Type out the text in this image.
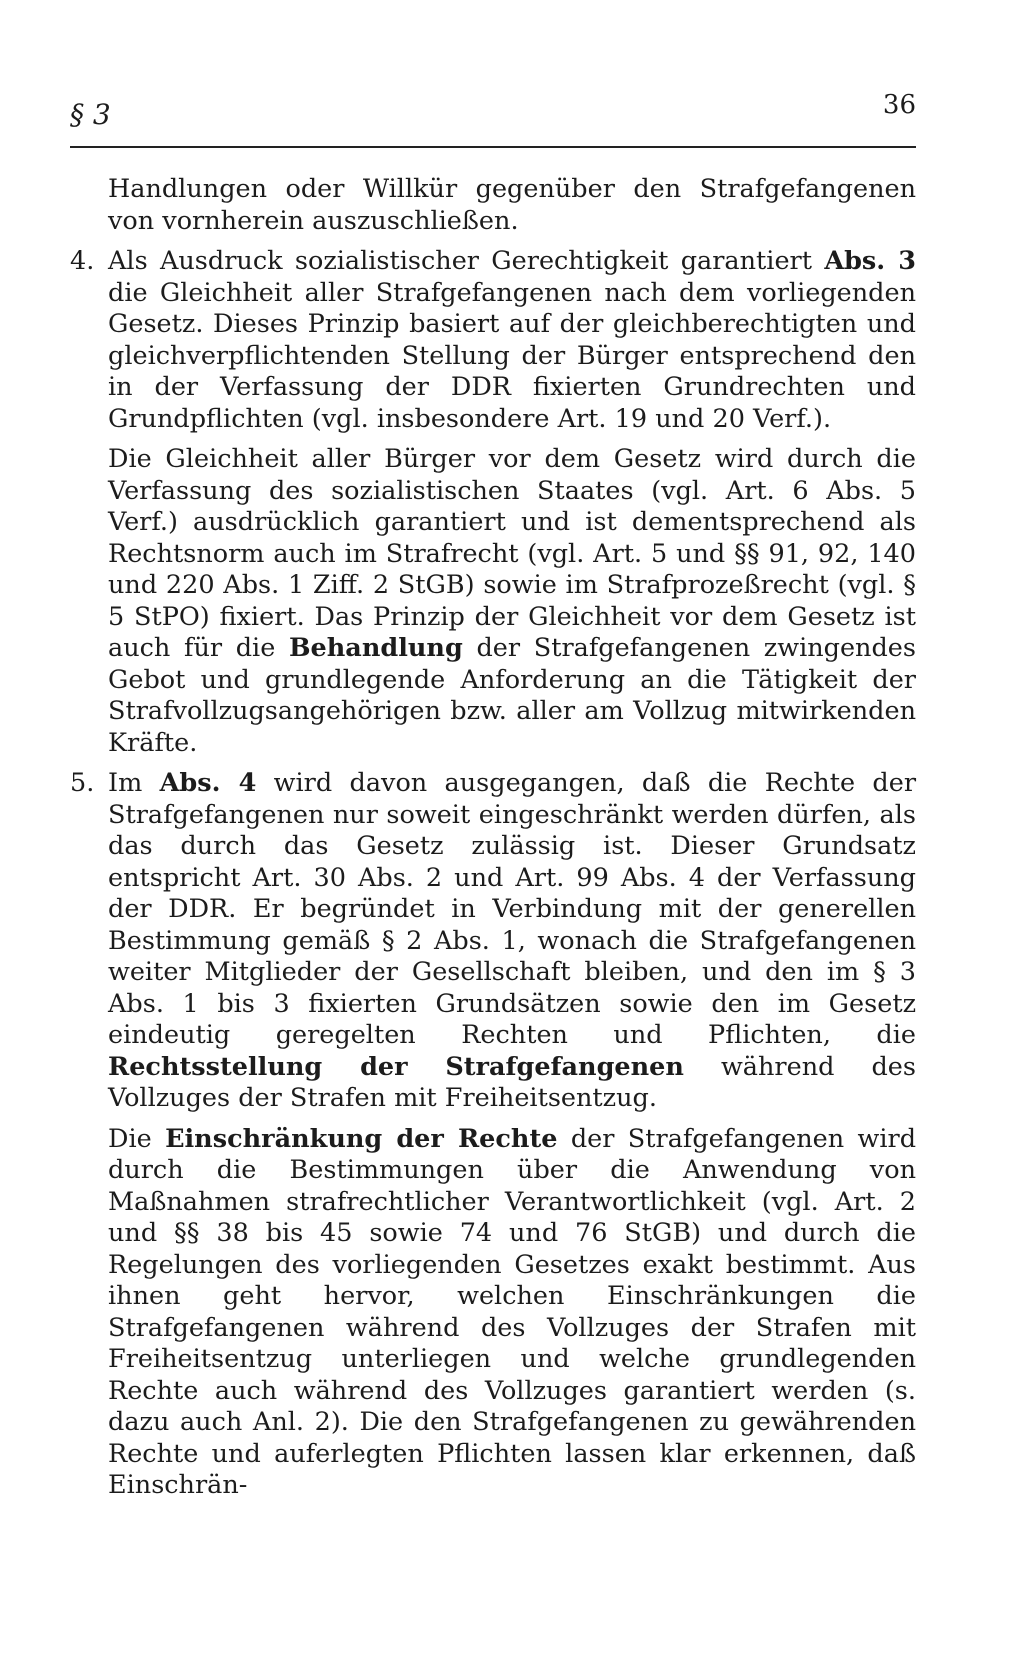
§ 3	36

Handlungen oder Willkür gegenüber den Strafgefangenen von vornherein auszuschließen.

4. Als Ausdruck sozialistischer Gerechtigkeit garantiert Abs. 3 die Gleichheit aller Strafgefangenen nach dem vorliegenden Gesetz. Dieses Prinzip basiert auf der gleichberechtigten und gleichverpflichtenden Stellung der Bürger entsprechend den in der Verfassung der DDR fixierten Grundrechten und Grundpflichten (vgl. insbesondere Art. 19 und 20 Verf.).

Die Gleichheit aller Bürger vor dem Gesetz wird durch die Verfassung des sozialistischen Staates (vgl. Art. 6 Abs. 5 Verf.) ausdrücklich garantiert und ist dementsprechend als Rechtsnorm auch im Strafrecht (vgl. Art. 5 und §§ 91, 92, 140 und 220 Abs. 1 Ziff. 2 StGB) sowie im Strafprozeßrecht (vgl. § 5 StPO) fixiert. Das Prinzip der Gleichheit vor dem Gesetz ist auch für die Behandlung der Strafgefangenen zwingendes Gebot und grundlegende Anforderung an die Tätigkeit der Strafvollzugsangehörigen bzw. aller am Vollzug mitwirkenden Kräfte.

5. Im Abs. 4 wird davon ausgegangen, daß die Rechte der Strafgefangenen nur soweit eingeschränkt werden dürfen, als das durch das Gesetz zulässig ist. Dieser Grundsatz entspricht Art. 30 Abs. 2 und Art. 99 Abs. 4 der Verfassung der DDR. Er begründet in Verbindung mit der generellen Bestimmung gemäß § 2 Abs. 1, wonach die Strafgefangenen weiter Mitglieder der Gesellschaft bleiben, und den im § 3 Abs. 1 bis 3 fixierten Grundsätzen sowie den im Gesetz eindeutig geregelten Rechten und Pflichten, die Rechtsstellung der Strafgefangenen während des Vollzuges der Strafen mit Freiheitsentzug.

Die Einschränkung der Rechte der Strafgefangenen wird durch die Bestimmungen über die Anwendung von Maßnahmen strafrechtlicher Verantwortlichkeit (vgl. Art. 2 und §§ 38 bis 45 sowie 74 und 76 StGB) und durch die Regelungen des vorliegenden Gesetzes exakt bestimmt. Aus ihnen geht hervor, welchen Einschränkungen die Strafgefangenen während des Vollzuges der Strafen mit Freiheitsentzug unterliegen und welche grundlegenden Rechte auch während des Vollzuges garantiert werden (s. dazu auch Anl. 2). Die den Strafgefangenen zu gewährenden Rechte und auferlegten Pflichten lassen klar erkennen, daß Einschrän-
